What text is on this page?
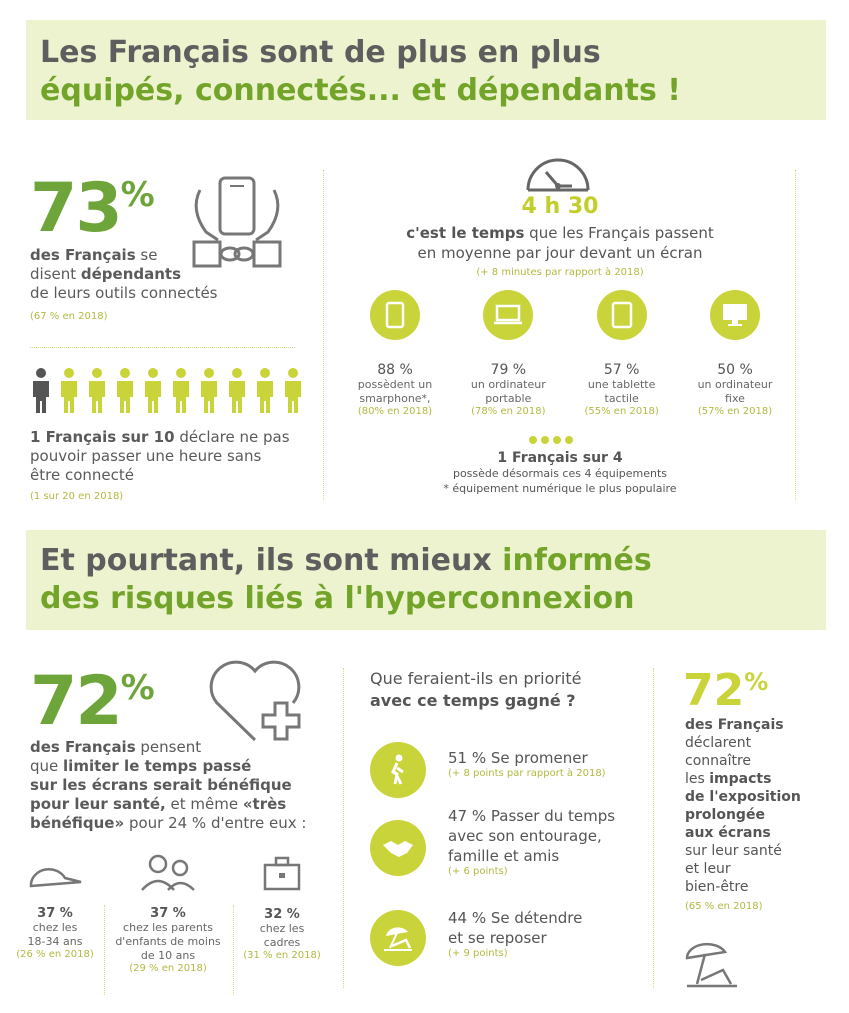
Les Français sont de plus en plus
équipés, connectés... et dépendants !
73%
des Français se
disent dépendants
de leurs outils connectés
(67 % en 2018)
1 Français sur 10 déclare ne pas
pouvoir passer une heure sans
être connecté
(1 sur 20 en 2018)
4 h 30
c'est le temps que les Français passent
en moyenne par jour devant un écran
(+ 8 minutes par rapport à 2018)
88 %
possèdent un
smarphone*,
(80% en 2018)
79 %
un ordinateur
portable
(78% en 2018)
57 %
une tablette
tactile
(55% en 2018)
50 %
un ordinateur
fixe
(57% en 2018)
1 Français sur 4
possède désormais ces 4 équipements
* équipement numérique le plus populaire
Et pourtant, ils sont mieux informés
des risques liés à l'hyperconnexion
72%
des Français pensent
que limiter le temps passé
sur les écrans serait bénéfique
pour leur santé, et même «très
bénéfique» pour 24 % d'entre eux :
37 %
chez les
18-34 ans
(26 % en 2018)
37 %
chez les parents
d'enfants de moins
de 10 ans
(29 % en 2018)
32 %
chez les
cadres
(31 % en 2018)
Que feraient-ils en priorité
avec ce temps gagné ?
51 % Se promener
(+ 8 points par rapport à 2018)
47 % Passer du temps
avec son entourage,
famille et amis
(+ 6 points)
44 % Se détendre
et se reposer
(+ 9 points)
72%
des Français
déclarent
connaître
les impacts
de l'exposition
prolongée
aux écrans
sur leur santé
et leur
bien-être
(65 % en 2018)
